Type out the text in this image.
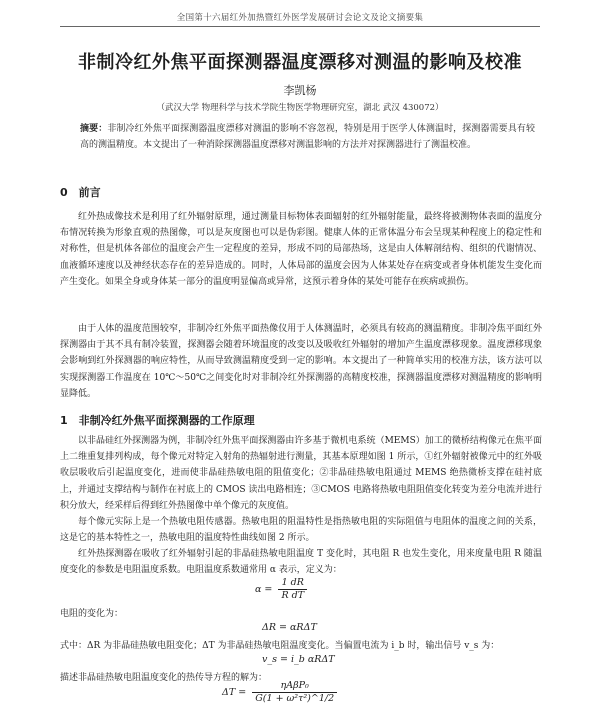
全国第十六届红外加热暨红外医学发展研讨会论文及论文摘要集
非制冷红外焦平面探测器温度漂移对测温的影响及校准
李凯杨
（武汉大学 物理科学与技术学院生物医学物理研究室，湖北 武汉 430072）
摘要：非制冷红外焦平面探测器温度漂移对测温的影响不容忽视，特别是用于医学人体测温时，探测器需要具有较高的测温精度。本文提出了一种消除探测器温度漂移对测温影响的方法并对探测器进行了测温校准。
0　前言
红外热成像技术是利用了红外辐射原理，通过测量目标物体表面辐射的红外辐射能量，最终将被测物体表面的温度分布情况转换为形象直观的热图像，可以是灰度图也可以是伪彩图。健康人体的正常体温分布会呈现某种程度上的稳定性和对称性，但是机体各部位的温度会产生一定程度的差异，形成不同的局部热场，这是由人体解剖结构、组织的代谢情况、血液循环速度以及神经状态存在的差异造成的。同时，人体局部的温度会因为人体某处存在病变或者身体机能发生变化而产生变化。如果全身或身体某一部分的温度明显偏高或异常，这预示着身体的某处可能存在疾病或损伤。
由于人体的温度范围较窄，非制冷红外焦平面热像仪用于人体测温时，必须具有较高的测温精度。非制冷焦平面红外探测器由于其不具有制冷装置，探测器会随着环境温度的改变以及吸收红外辐射的增加产生温度漂移现象。温度漂移现象会影响到红外探测器的响应特性，从而导致测温精度受到一定的影响。本文提出了一种简单实用的校准方法，该方法可以实现探测器工作温度在 10℃～50℃之间变化时对非制冷红外探测器的高精度校准，探测器温度漂移对测温精度的影响明显降低。
1　非制冷红外焦平面探测器的工作原理
以非晶硅红外探测器为例，非制冷红外焦平面探测器由许多基于微机电系统（MEMS）加工的微桥结构像元在焦平面上二维重复排列构成，每个像元对特定入射角的热辐射进行测量，其基本原理如图 1 所示，①红外辐射被像元中的红外吸收层吸收后引起温度变化，进而使非晶硅热敏电阻的阻值变化；②非晶硅热敏电阻通过 MEMS 绝热微桥支撑在硅衬底上，并通过支撑结构与制作在衬底上的 CMOS 读出电路相连；③CMOS 电路将热敏电阻阻值变化转变为差分电流并进行积分放大，经采样后得到红外热图像中单个像元的灰度值。
每个像元实际上是一个热敏电阻传感器。热敏电阻的阻温特性是指热敏电阻的实际阻值与电阻体的温度之间的关系，这是它的基本特性之一，热敏电阻的温度特性曲线如图 2 所示。
红外热探测器在吸收了红外辐射引起的非晶硅热敏电阻温度 T 变化时，其电阻 R 也发生变化，用来度量电阻 R 随温度变化的参数是电阻温度系数。电阻温度系数通常用 α 表示，定义为：
$\alpha = \frac{1 dR}{\text{R dT}}$
电阻的变化为：
ΔR = αRΔT
式中：ΔR 为非晶硅热敏电阻变化；ΔT 为非晶硅热敏电阻温度变化。当偏置电流为 i_b 时，输出信号 v_s 为：
v_s = i_b αRΔT
描述非晶硅热敏电阻温度变化的热传导方程的解为：
$\Delta T = \frac{\text{ηAβP₀}}{\text{G(1 + ω²τ²)\textasciicircum{}1/2}}$
